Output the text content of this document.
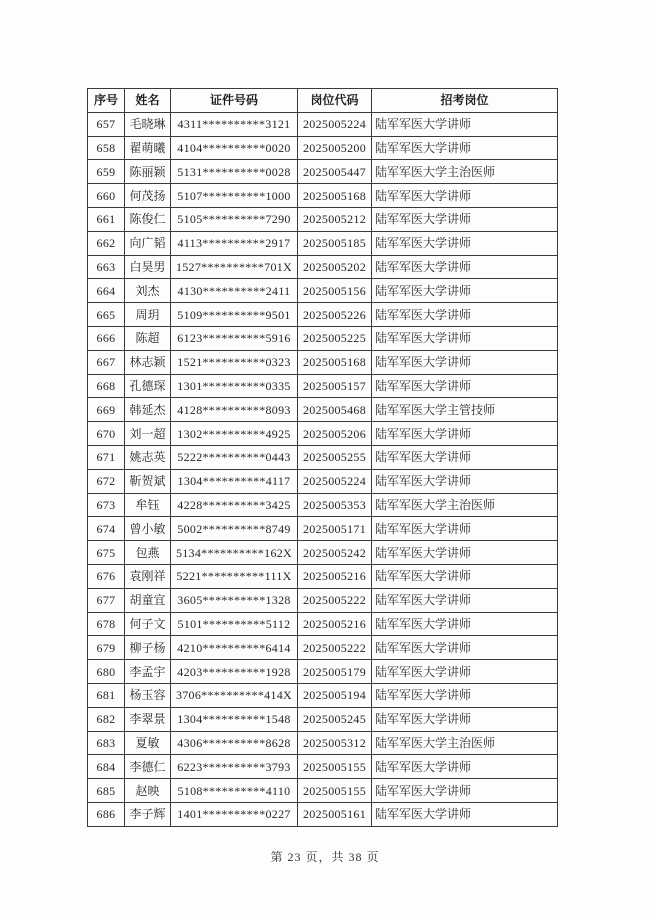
序号	姓名	证件号码	岗位代码	招考岗位
657	毛晓琳	4311**********3121	2025005224	陆军军医大学讲师
658	翟萌曦	4104**********0020	2025005200	陆军军医大学讲师
659	陈丽颖	5131**********0028	2025005447	陆军军医大学主治医师
660	何茂扬	5107**********1000	2025005168	陆军军医大学讲师
661	陈俊仁	5105**********7290	2025005212	陆军军医大学讲师
662	向广韬	4113**********2917	2025005185	陆军军医大学讲师
663	白昊男	1527**********701X	2025005202	陆军军医大学讲师
664	刘杰	4130**********2411	2025005156	陆军军医大学讲师
665	周玥	5109**********9501	2025005226	陆军军医大学讲师
666	陈超	6123**********5916	2025005225	陆军军医大学讲师
667	林志颖	1521**********0323	2025005168	陆军军医大学讲师
668	孔德琛	1301**********0335	2025005157	陆军军医大学讲师
669	韩延杰	4128**********8093	2025005468	陆军军医大学主管技师
670	刘一超	1302**********4925	2025005206	陆军军医大学讲师
671	姚志英	5222**********0443	2025005255	陆军军医大学讲师
672	靳贺斌	1304**********4117	2025005224	陆军军医大学讲师
673	牟钰	4228**********3425	2025005353	陆军军医大学主治医师
674	曾小敏	5002**********8749	2025005171	陆军军医大学讲师
675	包燕	5134**********162X	2025005242	陆军军医大学讲师
676	袁刚祥	5221**********111X	2025005216	陆军军医大学讲师
677	胡童宜	3605**********1328	2025005222	陆军军医大学讲师
678	何子文	5101**********5112	2025005216	陆军军医大学讲师
679	柳子杨	4210**********6414	2025005222	陆军军医大学讲师
680	李孟宇	4203**********1928	2025005179	陆军军医大学讲师
681	杨玉容	3706**********414X	2025005194	陆军军医大学讲师
682	李翠景	1304**********1548	2025005245	陆军军医大学讲师
683	夏敏	4306**********8628	2025005312	陆军军医大学主治医师
684	李德仁	6223**********3793	2025005155	陆军军医大学讲师
685	赵映	5108**********4110	2025005155	陆军军医大学讲师
686	李子辉	1401**********0227	2025005161	陆军军医大学讲师
第 23 页，共 38 页
